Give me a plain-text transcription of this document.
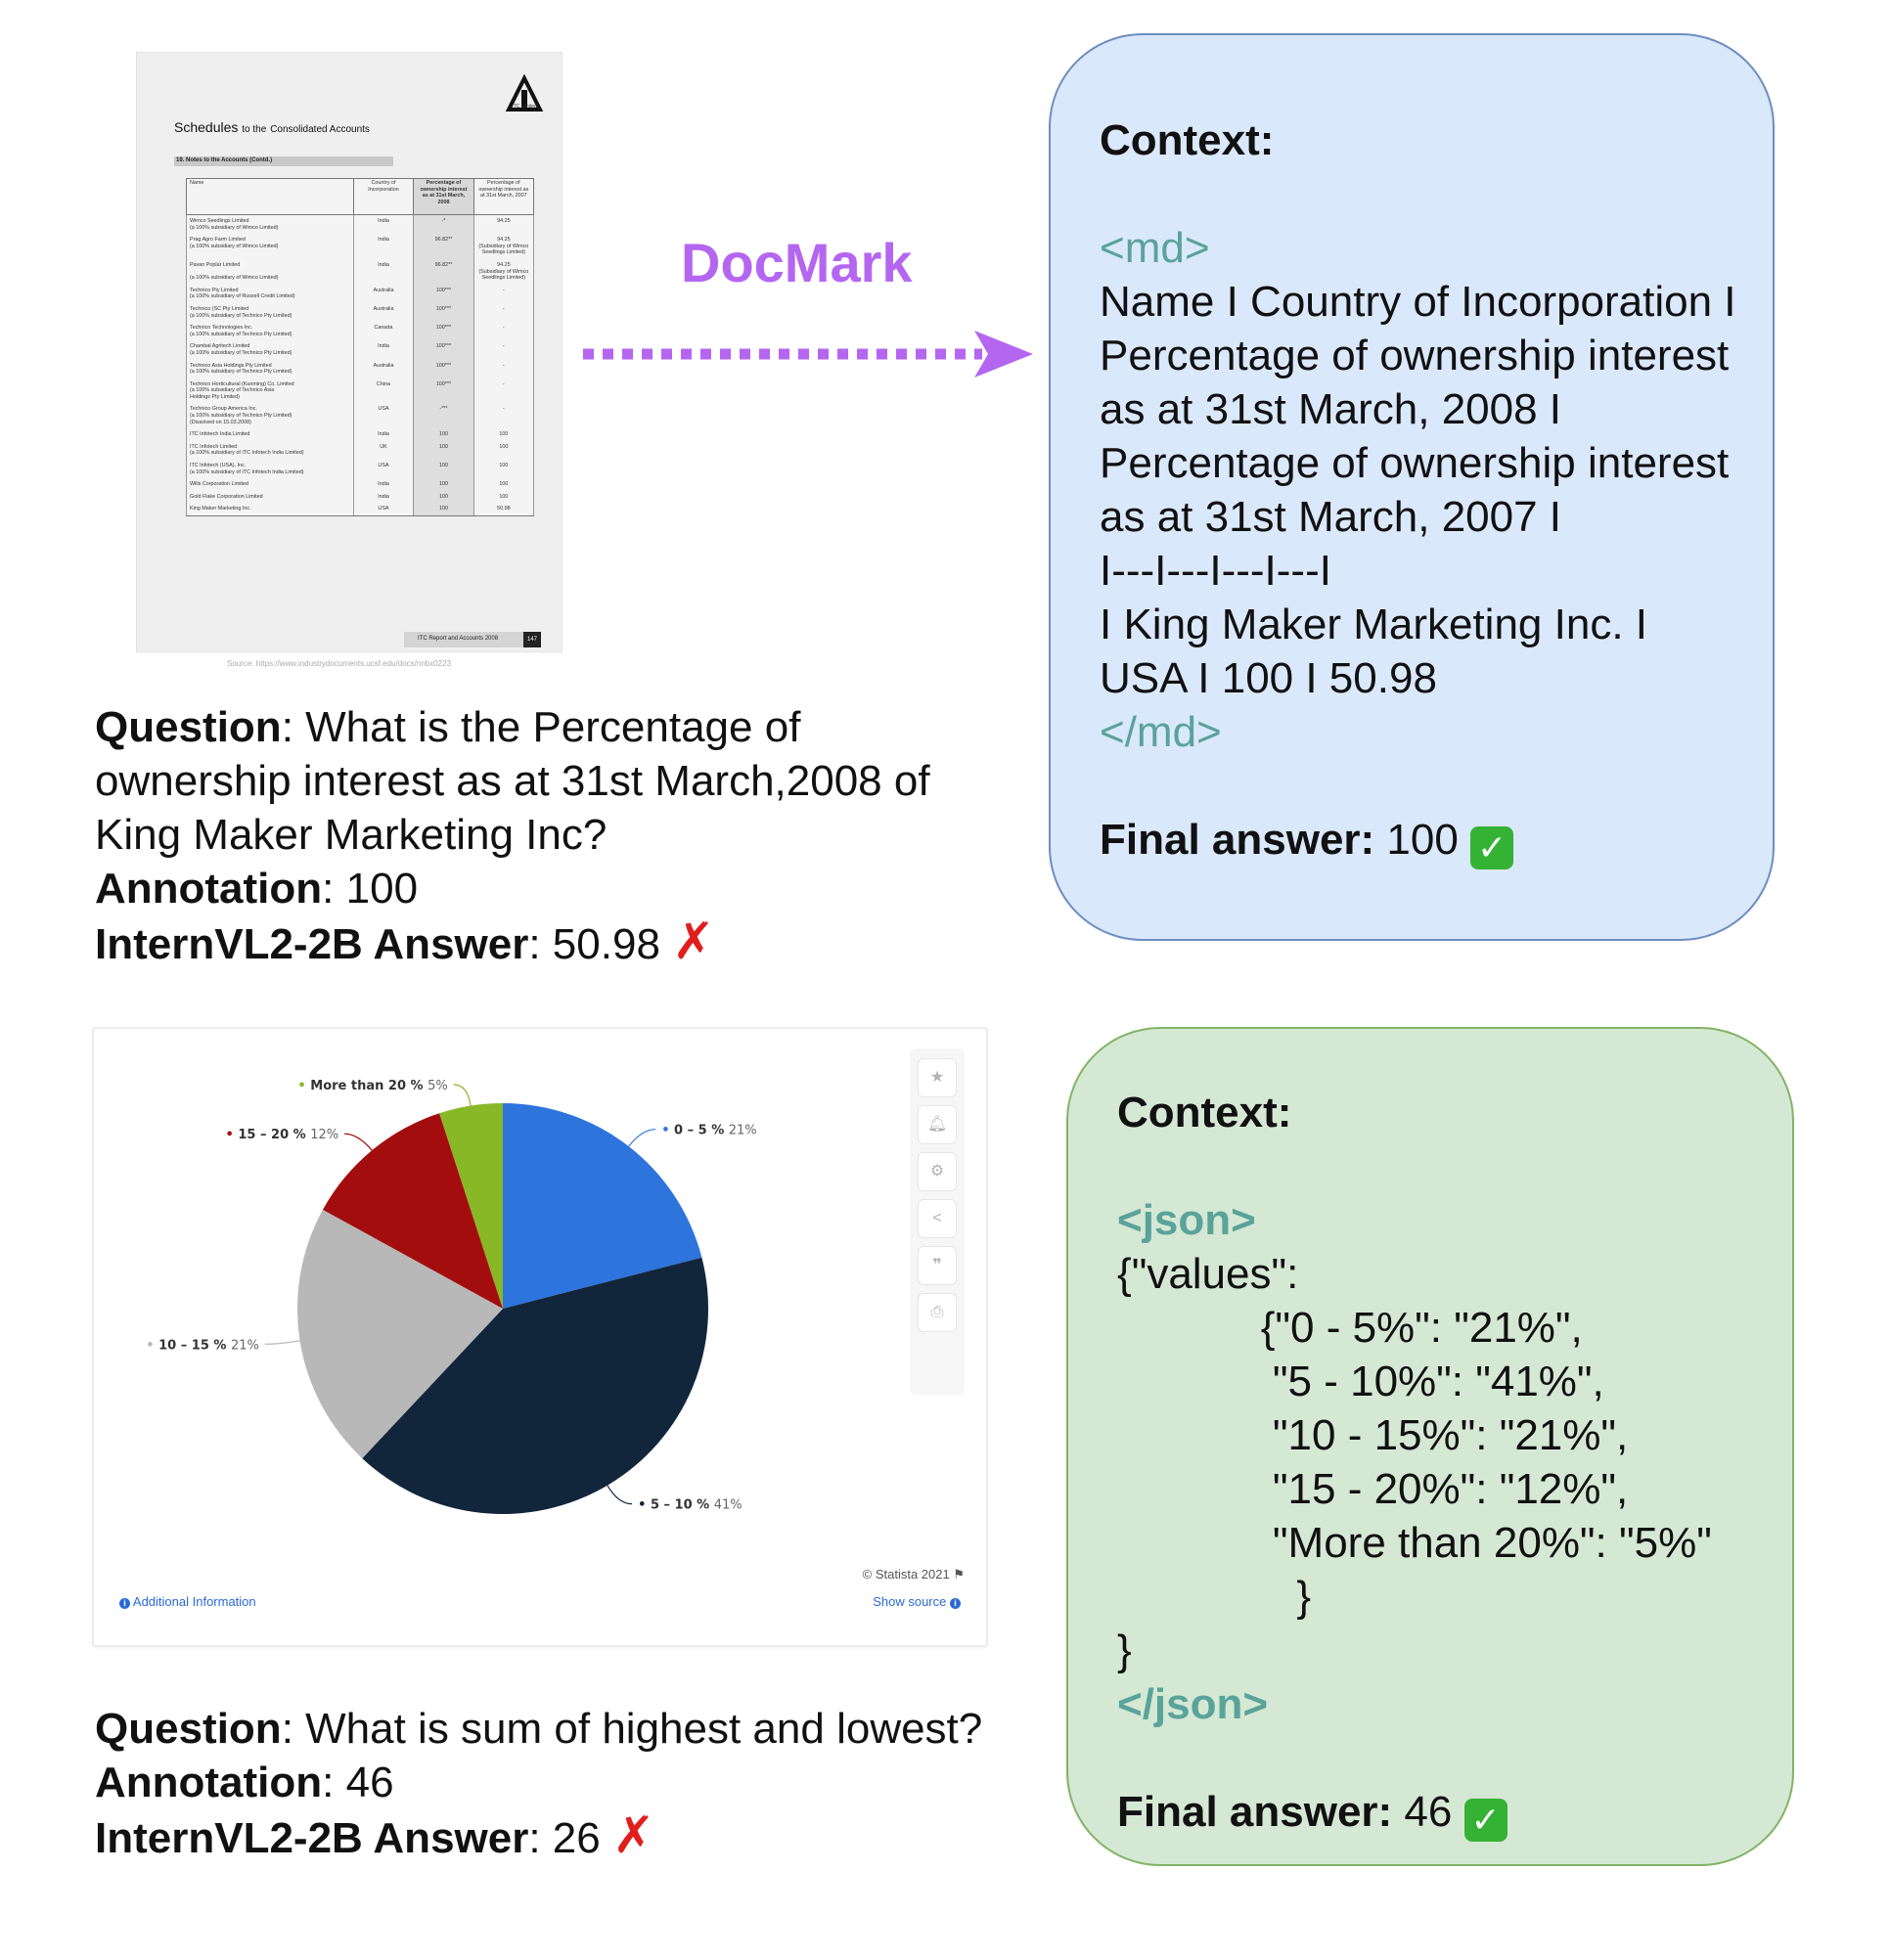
ITC Limited
Schedules to the Consolidated Accounts
19. Notes to the Accounts (Contd.)
Name	Country of Incorporation	Percentage of ownership interest as at 31st March, 2008	Percentage of ownership interest as at 31st March, 2007
Wimco Seedlings Limited
(a 100% subsidiary of Wimco Limited)	India	-*	94.25
Prag Agro Farm Limited
(a 100% subsidiary of Wimco Limited)	India	96.82**	94.25
(Subsidiary of Wimco
Seedlings Limited)
Pavan Poplar Limited

(a 100% subsidiary of Wimco Limited)	India	96.82**	94.25
(Subsidiary of Wimco
Seedlings Limited)
Technico Pty Limited
(a 100% subsidiary of Russell Credit Limited)	Australia	100***	-
Technico (SC Pty Limited
(a 100% subsidiary of Technico Pty Limited)	Australia	100***	-
Technico Technologies Inc.
(a 100% subsidiary of Technico Pty Limited)	Canada	100***	-
Chambal Agritech Limited
(a 100% subsidiary of Technico Pty Limited)	India	100***	-
Technico Asia Holdings Pty Limited
(a 100% subsidiary of Technico Pty Limited)	Australia	100***	-
Technico Horticultural (Kunming) Co. Limited
(a 100% subsidiary of Technico Asia
Holdings Pty Limited)	China	100***	-
Technico Group America Inc.
(a 100% subsidiary of Technico Pty Limited)
(Dissolved on 15.03.2008)	USA	-***	-
ITC Infotech India Limited	India	100	100
ITC Infotech Limited
(a 100% subsidiary of ITC Infotech India Limited)	UK	100	100
ITC Infotech (USA), Inc.
(a 100% subsidiary of ITC Infotech India Limited)	USA	100	100
Wills Corporation Limited	India	100	100
Gold Flake Corporation Limited	India	100	100
King Maker Marketing Inc.	USA	100	50.98
ITC Report and Accounts 2008	147
Source: https://www.industrydocuments.ucsf.edu/docs/nnbx0223
DocMark
Question: What is the Percentage of ownership interest as at 31st March,2008 of King Maker Marketing Inc?
Annotation: 100
InternVL2-2B Answer: 50.98 ✗
Context:
<md>
Name I Country of Incorporation I
Percentage of ownership interest
as at 31st March, 2008 I
Percentage of ownership interest
as at 31st March, 2007 I
I---I---I---I---I
I King Maker Marketing Inc. I
USA I 100 I 50.98
</md>
Final answer: 100 ✓
• 0 – 5 % 21%
• 5 – 10 % 41%
• 10 – 15 % 21%
• 15 – 20 % 12%
• More than 20 % 5%
★
🔔︎
⚙
<
❞
⎙
© Statista 2021 ⚑
i Additional Information	Show source i
Question: What is sum of highest and lowest?
Annotation: 46
InternVL2-2B Answer: 26 ✗
Context:
<json>
{"values":
{"0 - 5%": "21%",
"5 - 10%": "41%",
"10 - 15%": "21%",
"15 - 20%": "12%",
"More than 20%": "5%"
}
}
</json>
Final answer: 46 ✓
